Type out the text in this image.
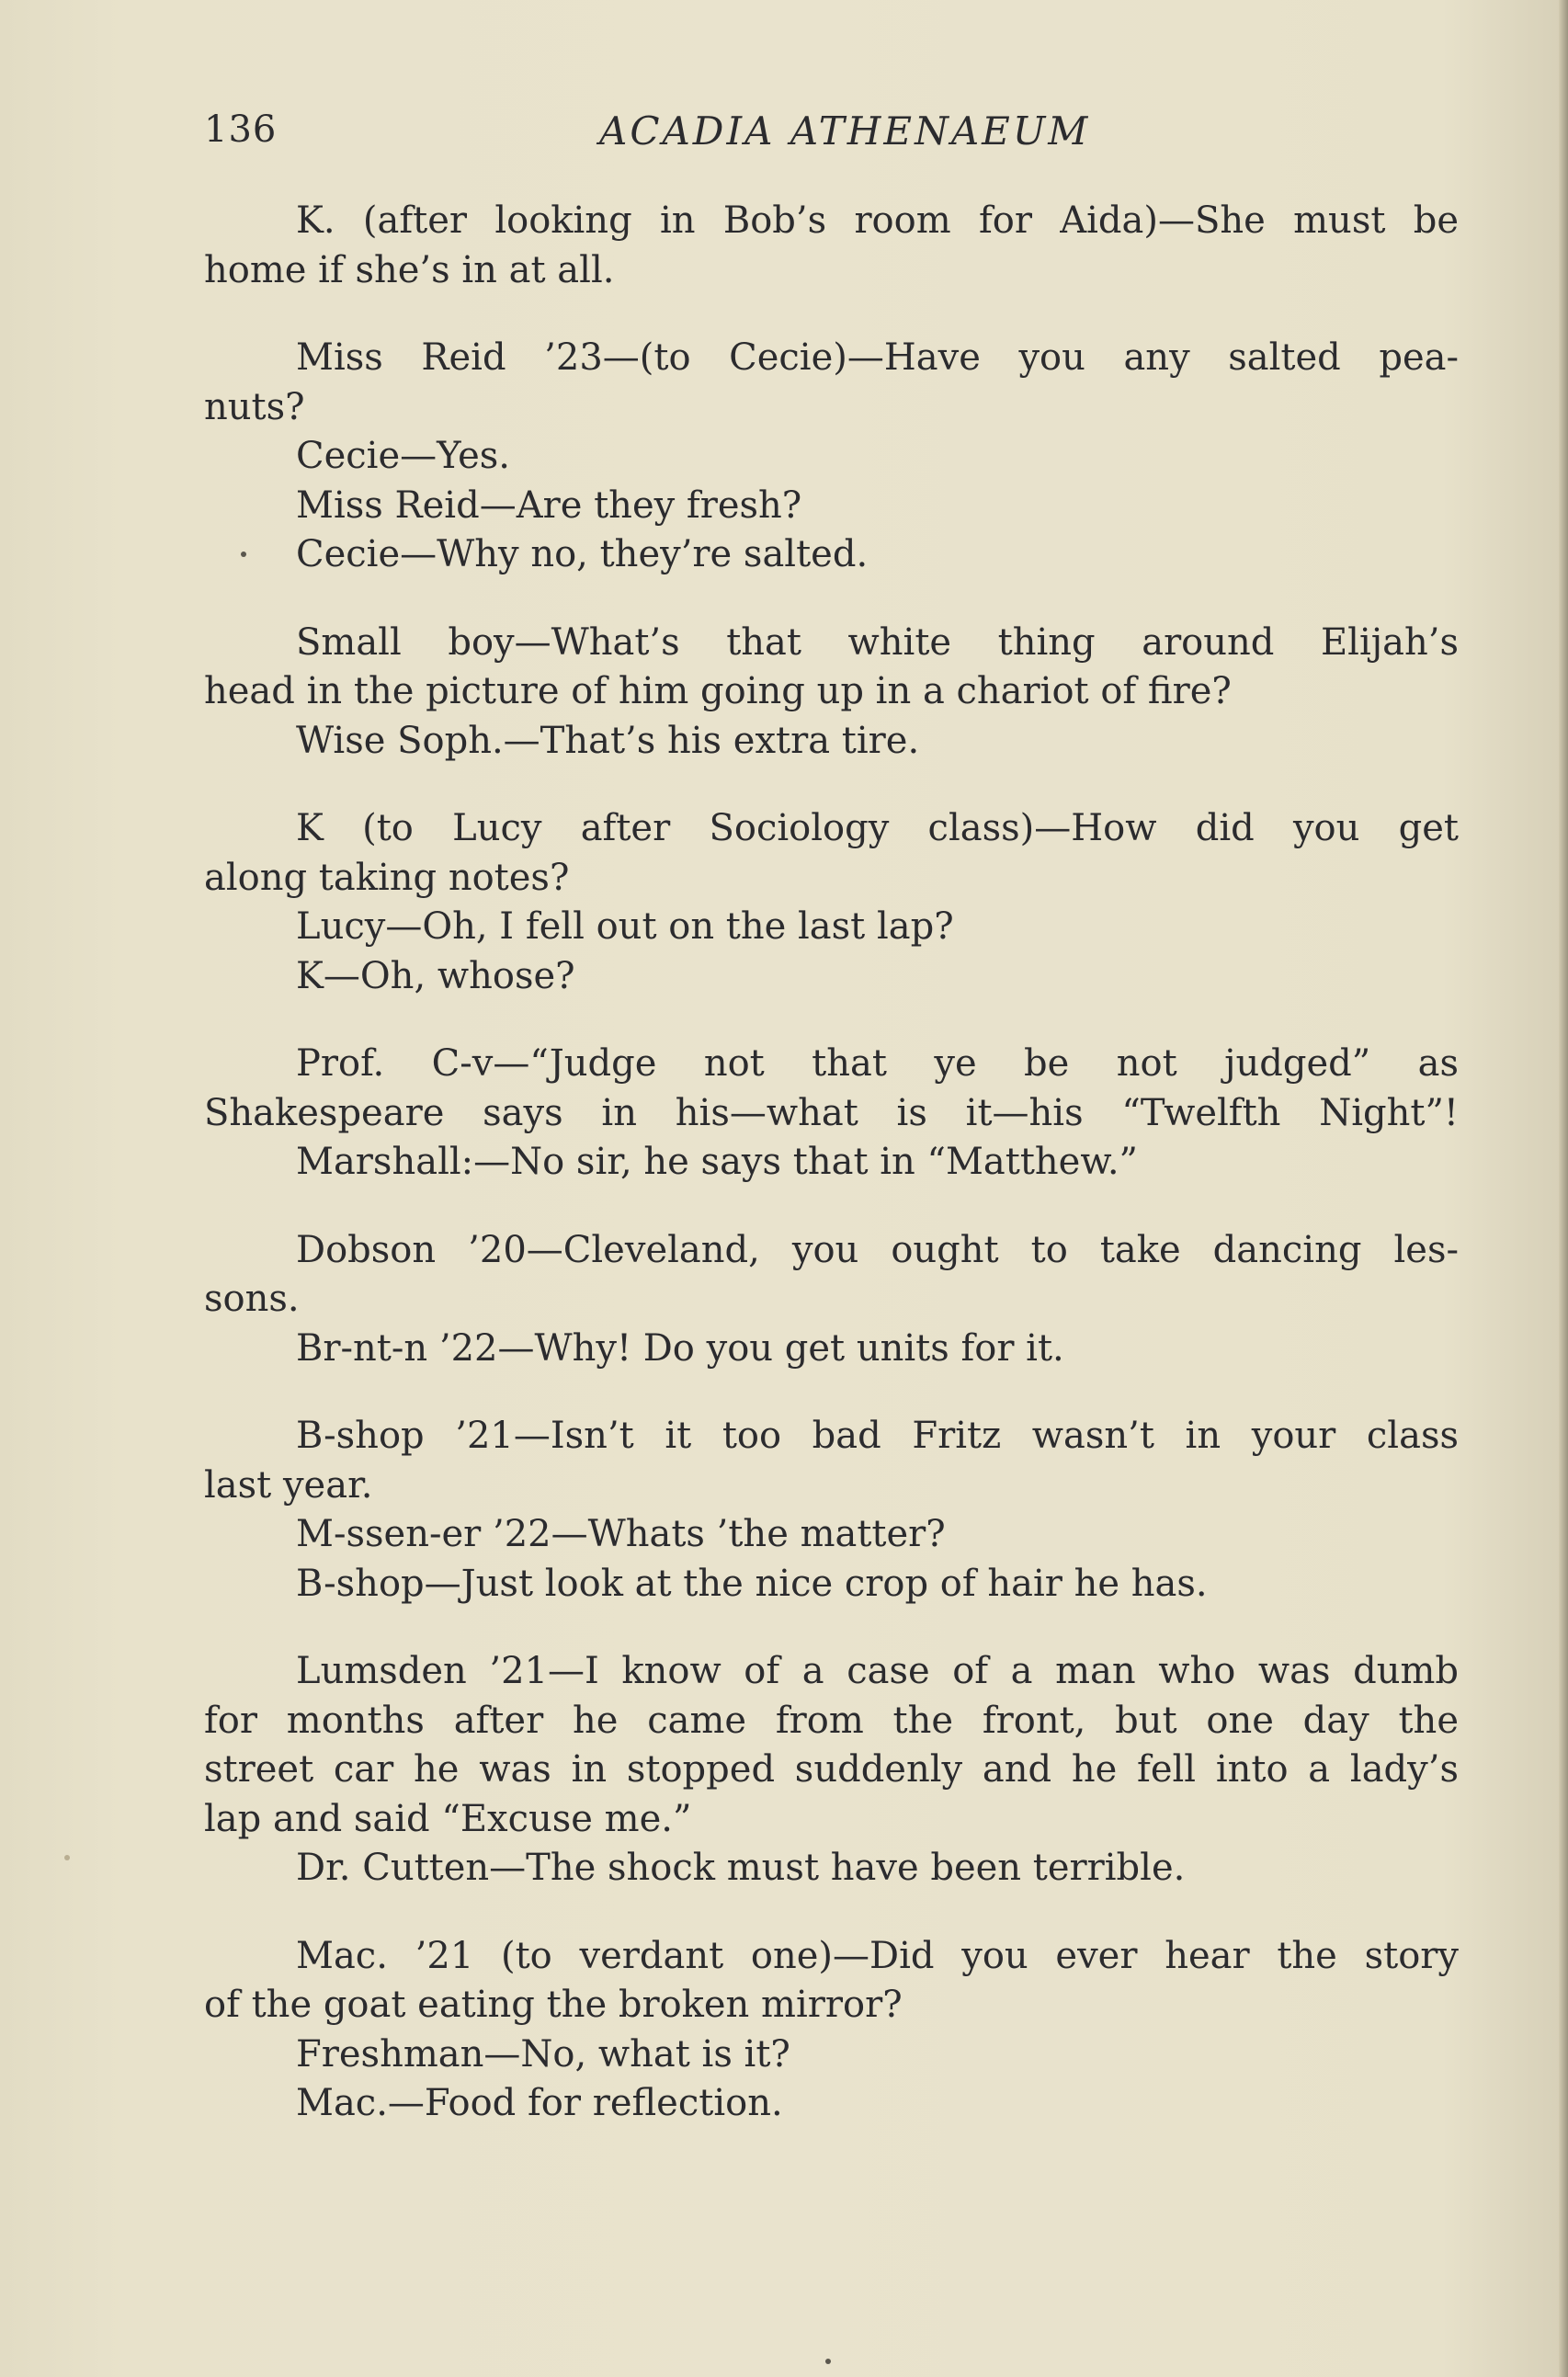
136	ACADIA ATHENAEUM
K. (after looking in Bob’s room for Aida)—She must be
home if she’s in at all.
Miss Reid ’23—(to Cecie)—Have you any salted pea-
nuts?
Cecie—Yes.
Miss Reid—Are they fresh?
Cecie—Why no, they’re salted.
Small boy—What’s that white thing around Elijah’s
head in the picture of him going up in a chariot of fire?
Wise Soph.—That’s his extra tire.
K (to Lucy after Sociology class)—How did you get
along taking notes?
Lucy—Oh, I fell out on the last lap?
K—Oh, whose?
Prof. C-v—“Judge not that ye be not judged” as
Shakespeare says in his—what is it—his “Twelfth Night”!
Marshall:—No sir, he says that in “Matthew.”
Dobson ’20—Cleveland, you ought to take dancing les-
sons.
Br-nt-n ’22—Why! Do you get units for it.
B-shop ’21—Isn’t it too bad Fritz wasn’t in your class
last year.
M-ssen-er ’22—Whats ’the matter?
B-shop—Just look at the nice crop of hair he has.
Lumsden ’21—I know of a case of a man who was dumb
for months after he came from the front, but one day the
street car he was in stopped suddenly and he fell into a lady’s
lap and said “Excuse me.”
Dr. Cutten—The shock must have been terrible.
Mac. ’21 (to verdant one)—Did you ever hear the story
of the goat eating the broken mirror?
Freshman—No, what is it?
Mac.—Food for reflection.
